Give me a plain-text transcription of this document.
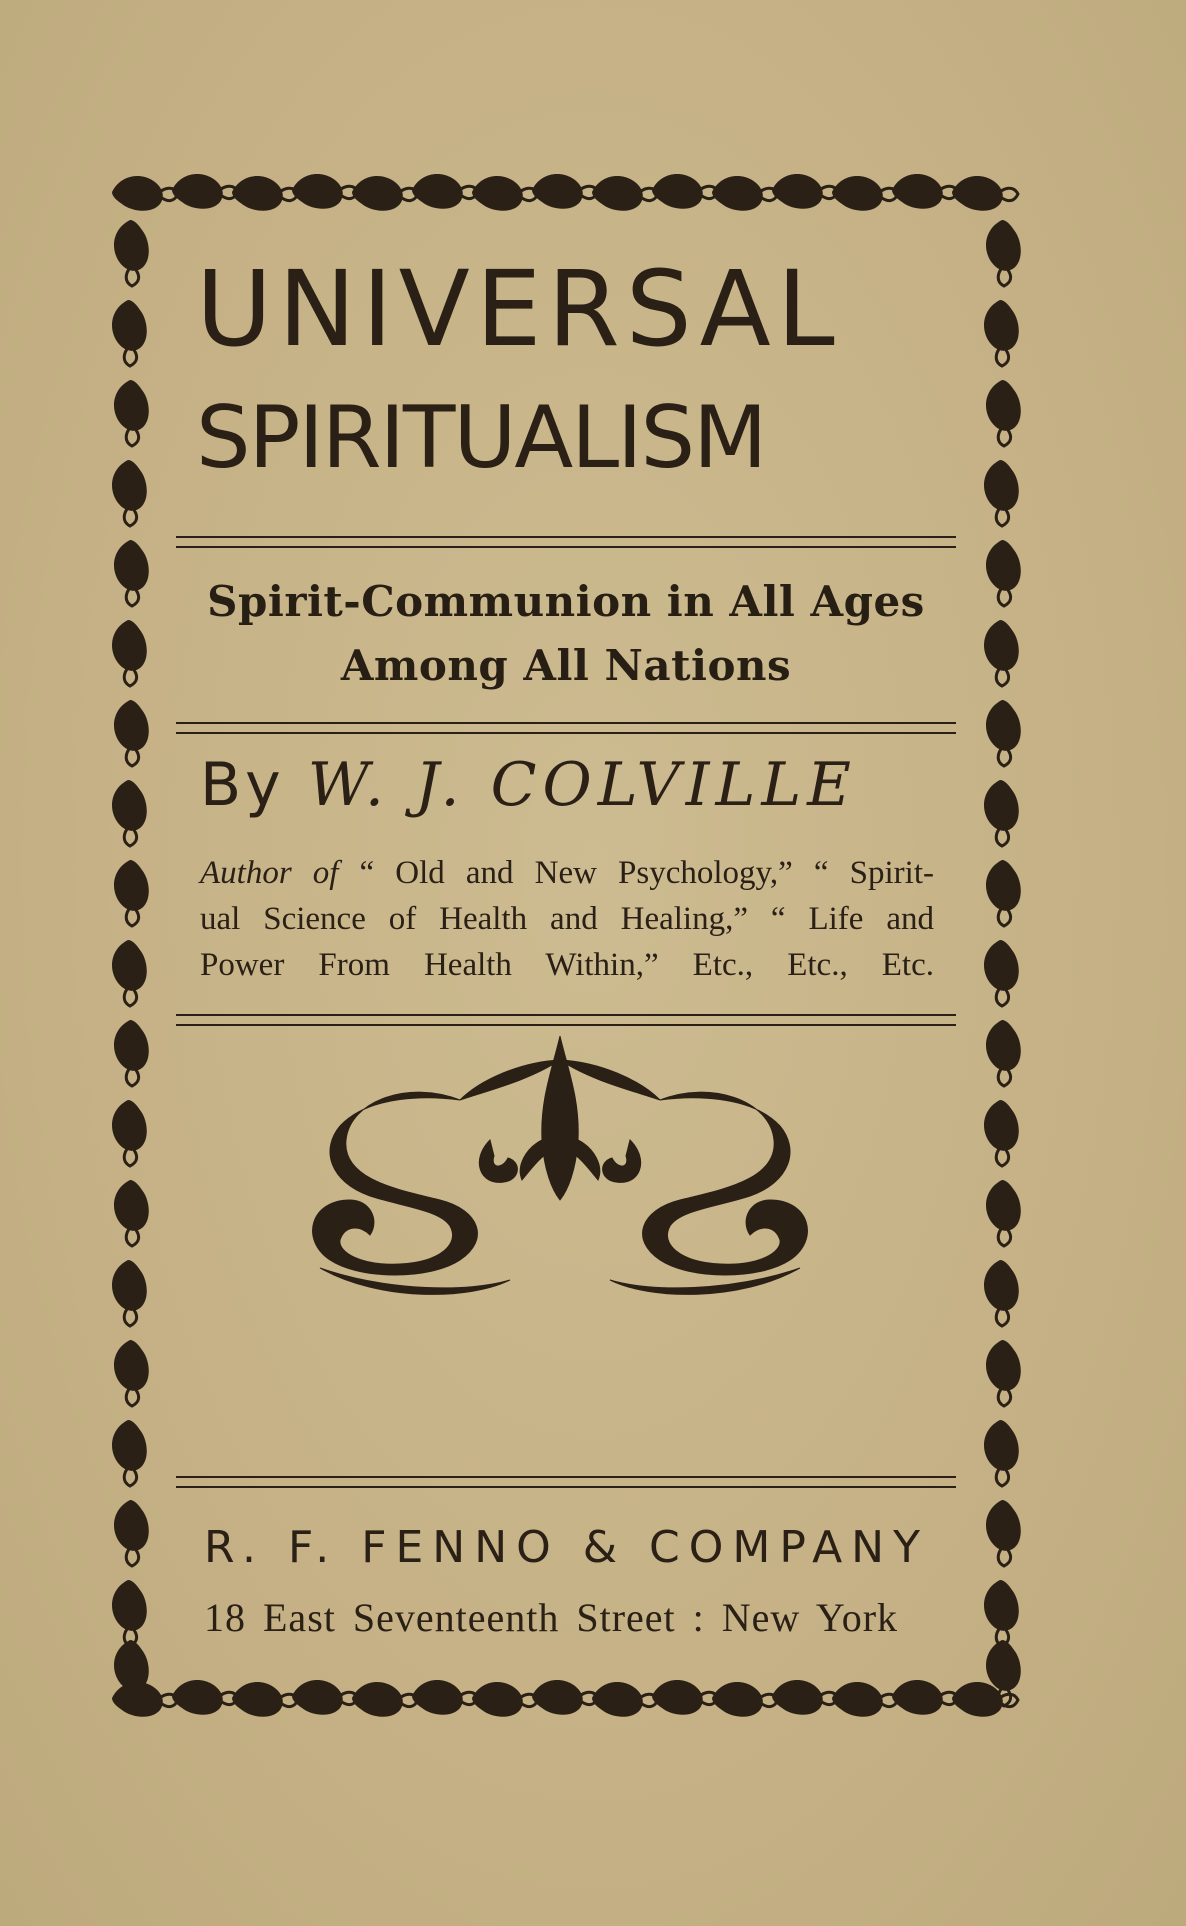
UNIVERSAL
SPIRITUALISM
Spirit-Communion in All Ages
Among All Nations
By W. J. COLVILLE
Author of “ Old and New Psychology,” “ Spirit-
ual Science of Health and Healing,” “ Life and
Power From Health Within,” Etc., Etc., Etc.
R. F. FENNO & COMPANY
18 East Seventeenth Street : New York
